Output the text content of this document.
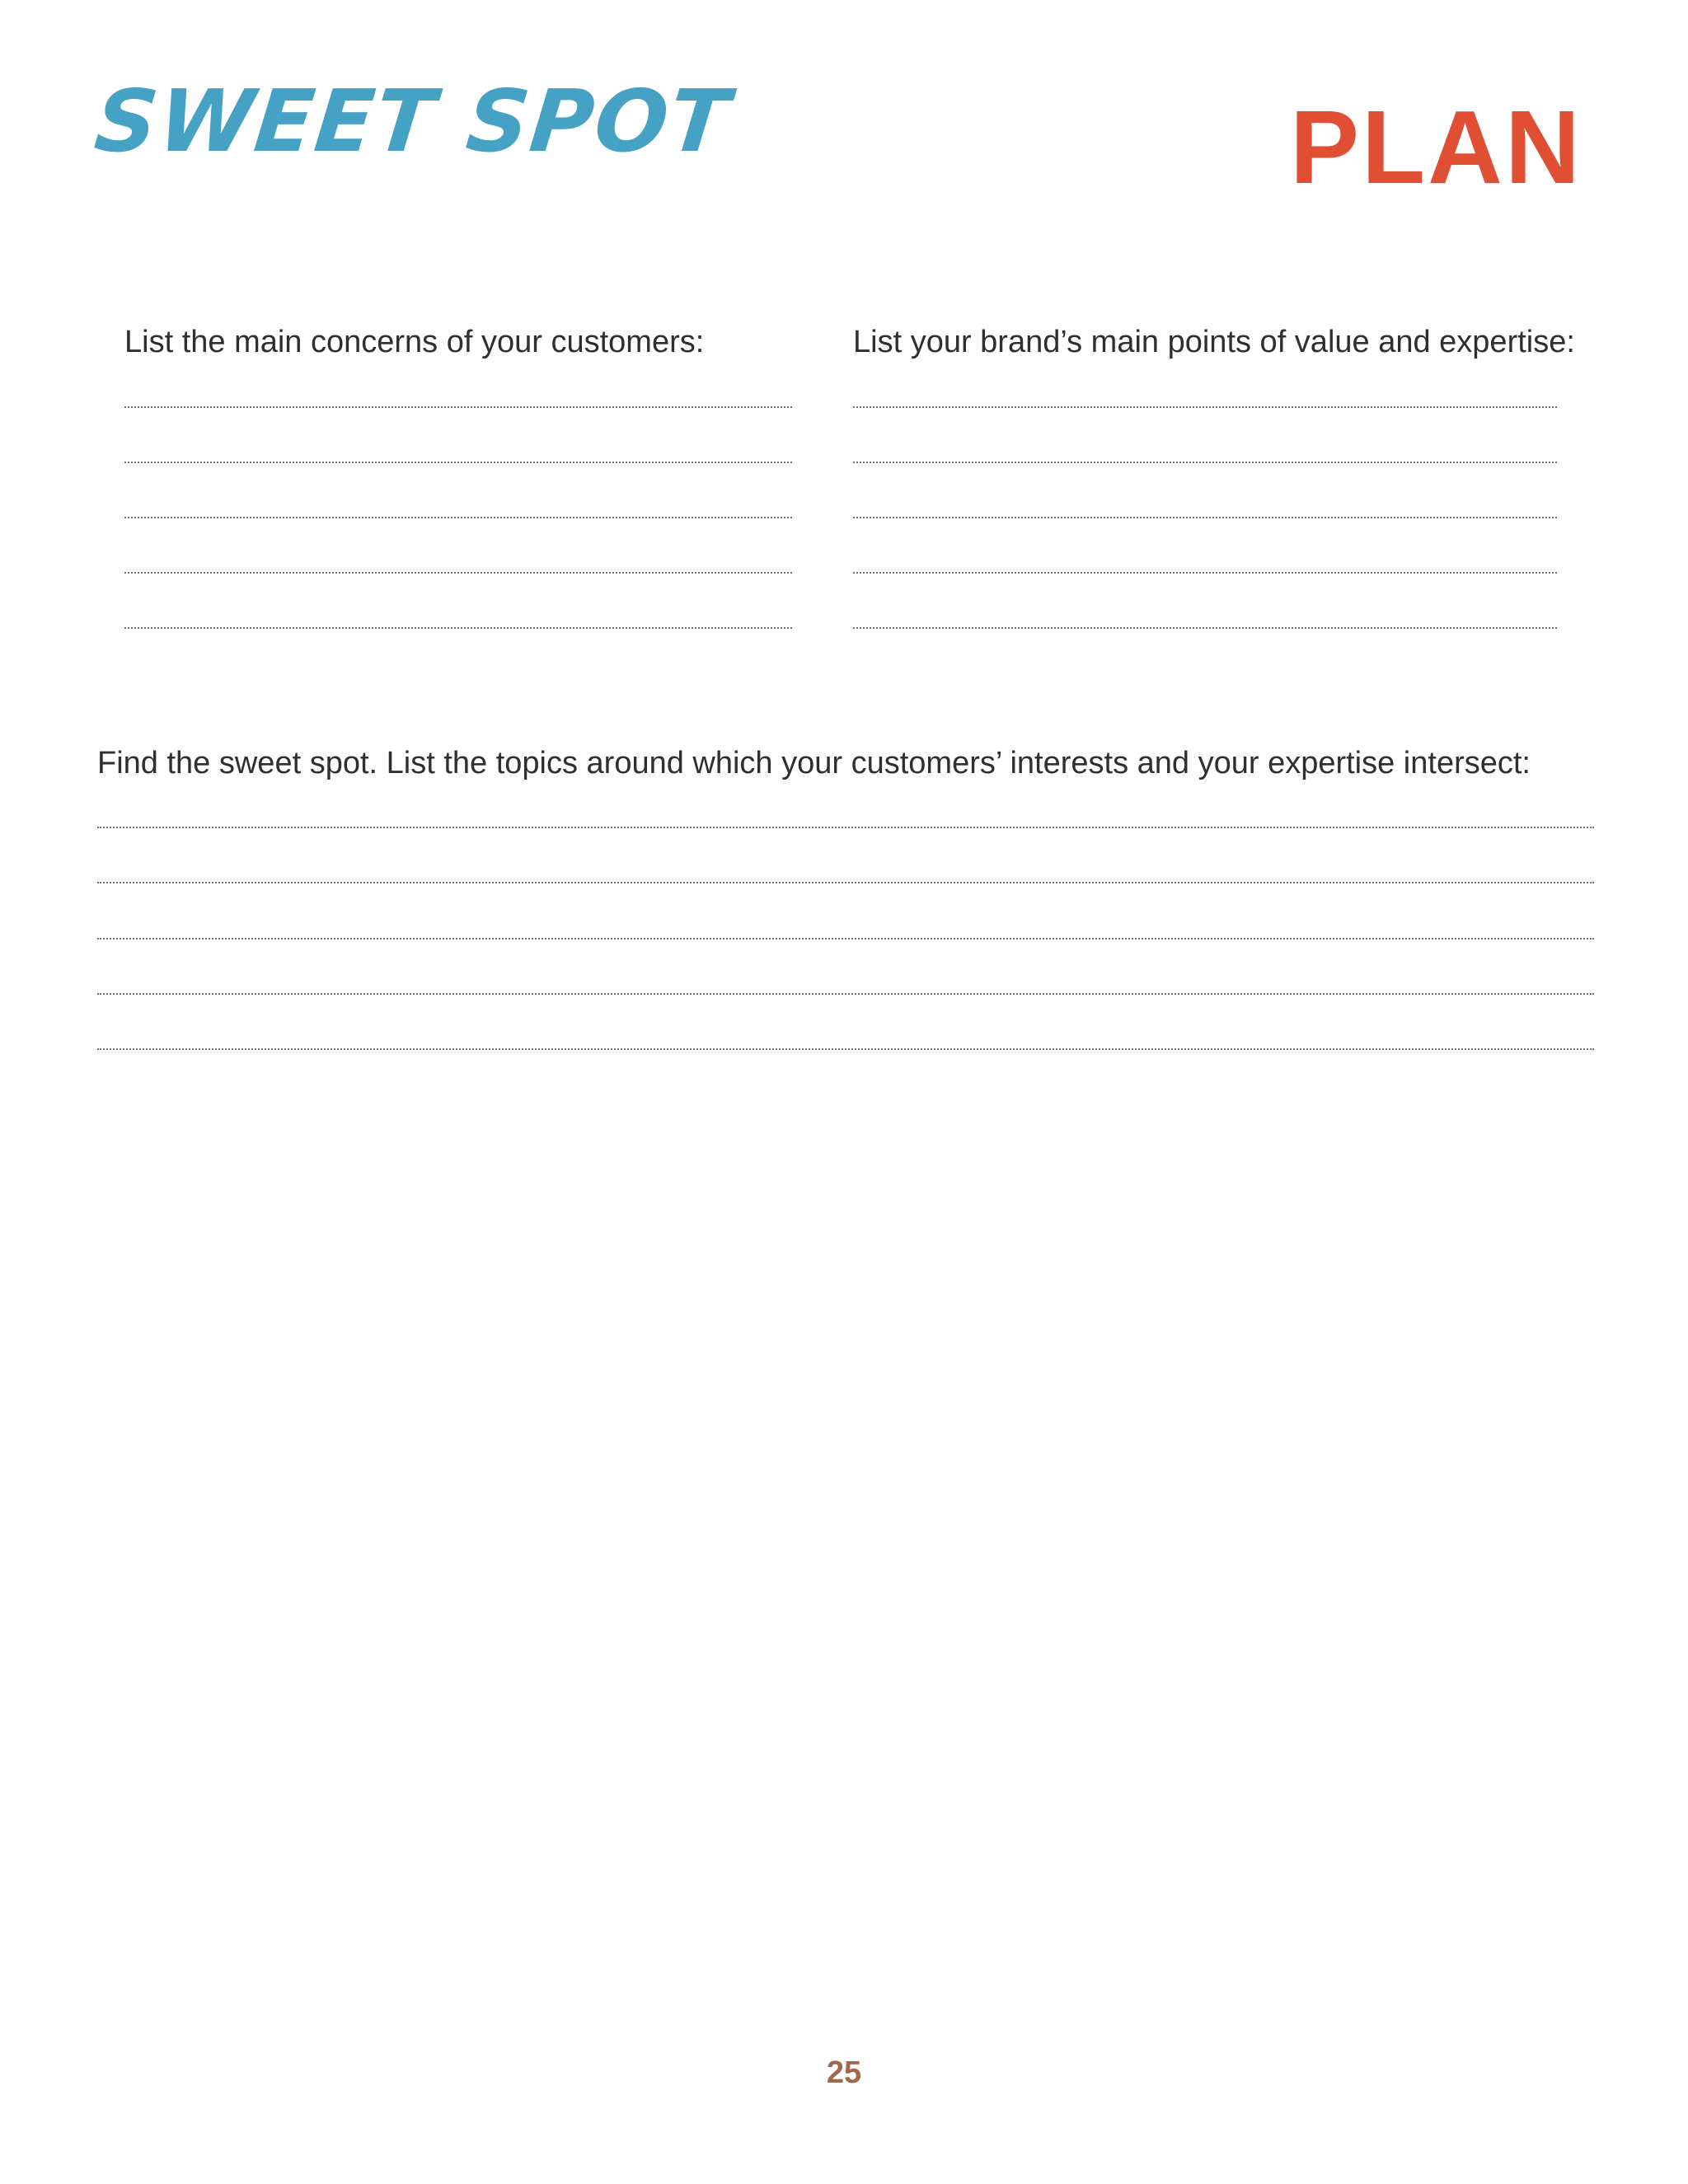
SWEET SPOT	PLAN
List the main concerns of your customers:	List your brand’s main points of value and expertise:
Find the sweet spot. List the topics around which your customers’ interests and your expertise intersect:
25
